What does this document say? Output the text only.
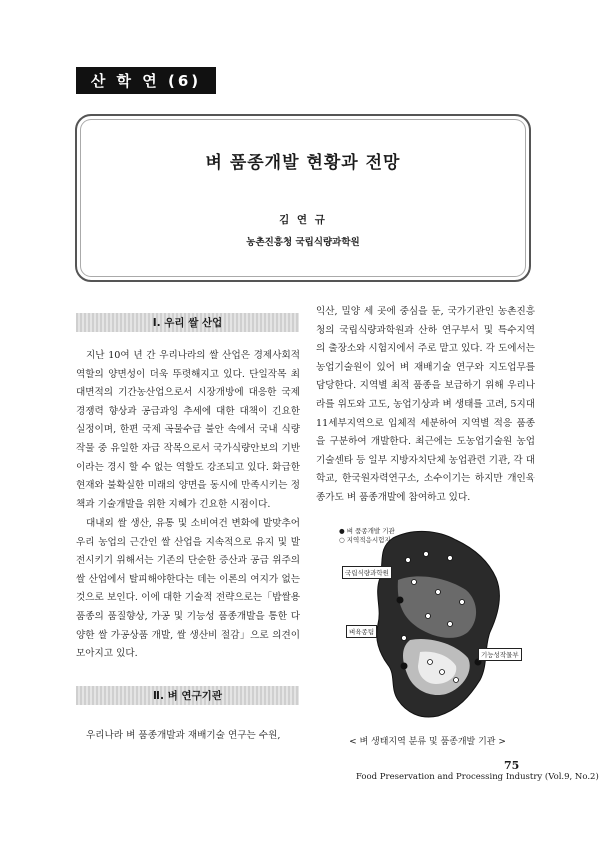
산 학 연 (6)
벼 품종개발 현황과 전망
김 연 규
농촌진흥청 국립식량과학원
Ⅰ. 우리 쌀 산업

지난 10여 년 간 우리나라의 쌀 산업은 경제사회적 역할의 양면성이 더욱 뚜렷해지고 있다. 단일작목 최대면적의 기간농산업으로서 시장개방에 대응한 국제경쟁력 향상과 공급과잉 추세에 대한 대책이 긴요한 실정이며, 한편 국제 곡물수급 불안 속에서 국내 식량작물 중 유일한 자급 작목으로서 국가식량안보의 기반이라는 경시 할 수 없는 역할도 강조되고 있다. 화급한 현재와 불확실한 미래의 양면을 동시에 만족시키는 정책과 기술개발을 위한 지혜가 긴요한 시점이다.

대내외 쌀 생산, 유통 및 소비여건 변화에 발맞추어 우리 농업의 근간인 쌀 산업을 지속적으로 유지 및 발전시키기 위해서는 기존의 단순한 증산과 공급 위주의 쌀 산업에서 탈피해야한다는 데는 이론의 여지가 없는 것으로 보인다. 이에 대한 기술적 전략으로는「밥쌀용 품종의 품질향상, 가공 및 기능성 품종개발을 통한 다양한 쌀 가공상품 개발, 쌀 생산비 절감」으로 의견이 모아지고 있다.

Ⅱ. 벼 연구기관

우리나라 벼 품종개발과 재배기술 연구는 수원,

익산, 밀양 세 곳에 중심을 둔, 국가기관인 농촌진흥청의 국립식량과학원과 산하 연구부서 및 특수지역의 출장소와 시험지에서 주로 맡고 있다. 각 도에서는 농업기술원이 있어 벼 재배기술 연구와 지도업무를 담당한다. 지역별 최적 품종을 보급하기 위해 우리나라를 위도와 고도, 농업기상과 벼 생태를 고려, 5지대 11세부지역으로 입체적 세분하여 지역별 적응 품종을 구분하여 개발한다. 최근에는 도농업기술원 농업기술센타 등 일부 지방자치단체 농업관련 기관, 각 대학교, 한국원자력연구소, 소수이기는 하지만 개인육종가도 벼 품종개발에 참여하고 있다.

● 벼 품종개발 기관
○ 지역적응시험지
국립식량과학원
벼육종팀
기능성작물부
< 벼 생태지역 분류 및 품종개발 기관 >
75
Food Preservation and Processing Industry (Vol.9, No.2)
